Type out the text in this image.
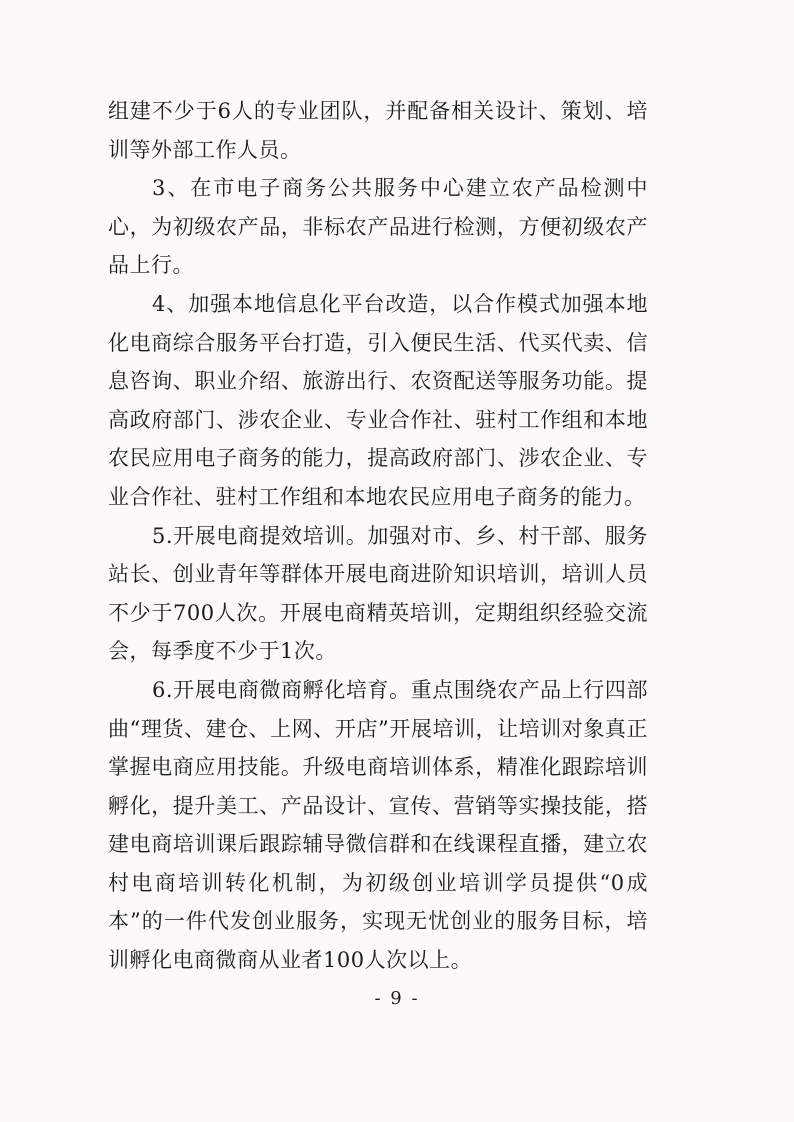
组建不少于6人的专业团队，并配备相关设计、策划、培训等外部工作人员。

3、在市电子商务公共服务中心建立农产品检测中心，为初级农产品，非标农产品进行检测，方便初级农产品上行。

4、加强本地信息化平台改造，以合作模式加强本地化电商综合服务平台打造，引入便民生活、代买代卖、信息咨询、职业介绍、旅游出行、农资配送等服务功能。提高政府部门、涉农企业、专业合作社、驻村工作组和本地农民应用电子商务的能力，提高政府部门、涉农企业、专业合作社、驻村工作组和本地农民应用电子商务的能力。

5.开展电商提效培训。加强对市、乡、村干部、服务站长、创业青年等群体开展电商进阶知识培训，培训人员不少于700人次。开展电商精英培训，定期组织经验交流会，每季度不少于1次。

6.开展电商微商孵化培育。重点围绕农产品上行四部曲“理货、建仓、上网、开店”开展培训，让培训对象真正掌握电商应用技能。升级电商培训体系，精准化跟踪培训孵化，提升美工、产品设计、宣传、营销等实操技能，搭建电商培训课后跟踪辅导微信群和在线课程直播，建立农村电商培训转化机制，为初级创业培训学员提供“0成本”的一件代发创业服务，实现无忧创业的服务目标，培训孵化电商微商从业者100人次以上。

- 9 -
